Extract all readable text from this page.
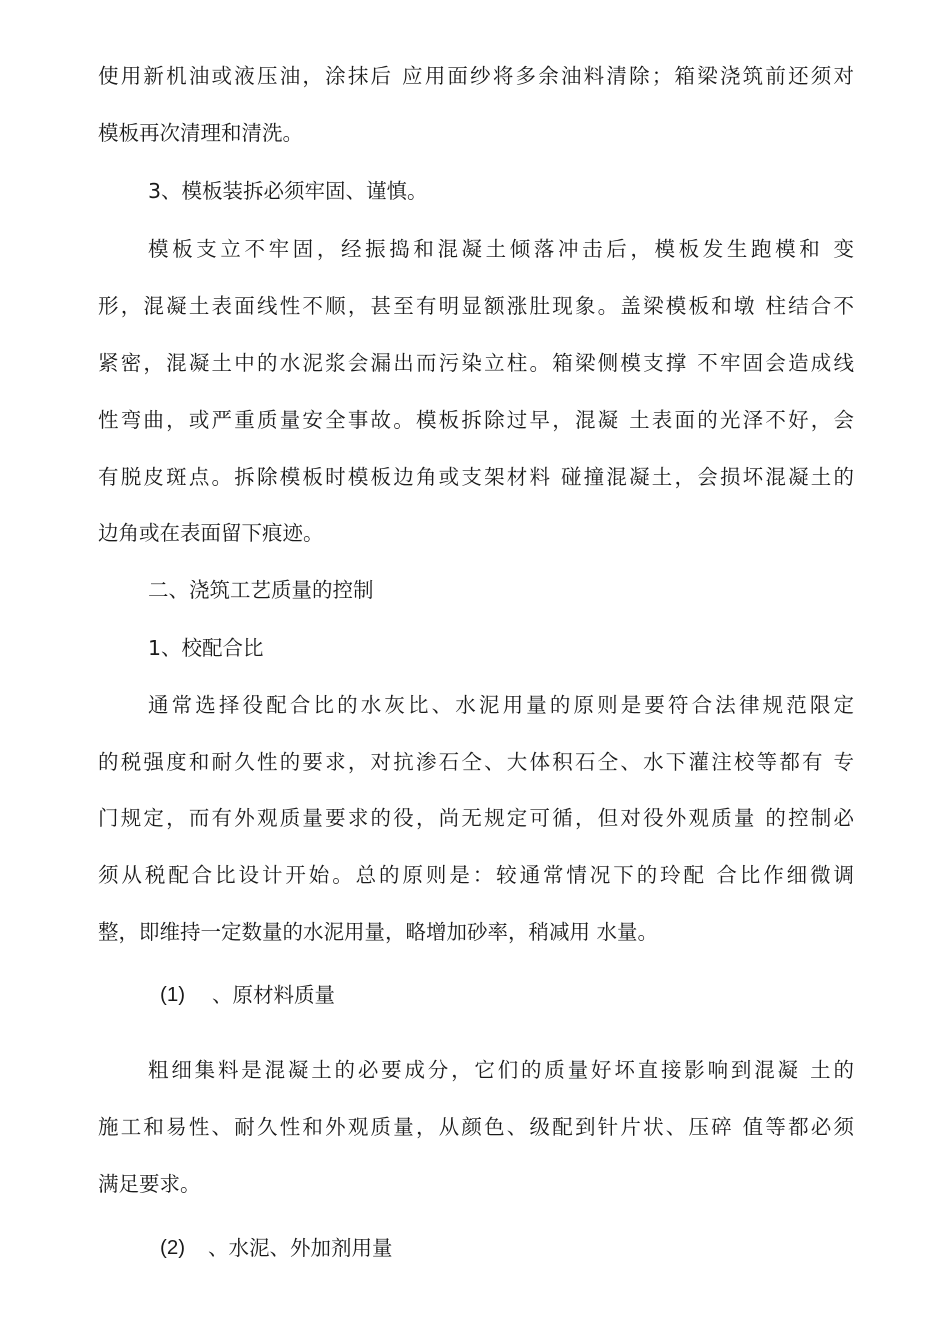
使用新机油或液压油，涂抹后 应用面纱将多余油料清除；箱梁浇筑前还须对

模板再次清理和清洗。

3、模板装拆必须牢固、谨慎。

模板支立不牢固，经振捣和混凝土倾落冲击后，模板发生跑模和 变

形，混凝土表面线性不顺，甚至有明显额涨肚现象。盖梁模板和墩 柱结合不

紧密，混凝土中的水泥浆会漏出而污染立柱。箱梁侧模支撑 不牢固会造成线

性弯曲，或严重质量安全事故。模板拆除过早，混凝 土表面的光泽不好，会

有脱皮斑点。拆除模板时模板边角或支架材料 碰撞混凝土，会损坏混凝土的

边角或在表面留下痕迹。

二、浇筑工艺质量的控制

1、校配合比

通常选择役配合比的水灰比、水泥用量的原则是要符合法律规范限定

的税强度和耐久性的要求，对抗渗石仝、大体积石仝、水下灌注校等都有 专

门规定，而有外观质量要求的役，尚无规定可循，但对役外观质量 的控制必

须从税配合比设计开始。总的原则是：较通常情况下的玲配 合比作细微调

整，即维持一定数量的水泥用量，略增加砂率，稍减用 水量。

(1) 、原材料质量

粗细集料是混凝土的必要成分，它们的质量好坏直接影响到混凝 土的

施工和易性、耐久性和外观质量，从颜色、级配到针片状、压碎 值等都必须

满足要求。

(2) 、水泥、外加剂用量
